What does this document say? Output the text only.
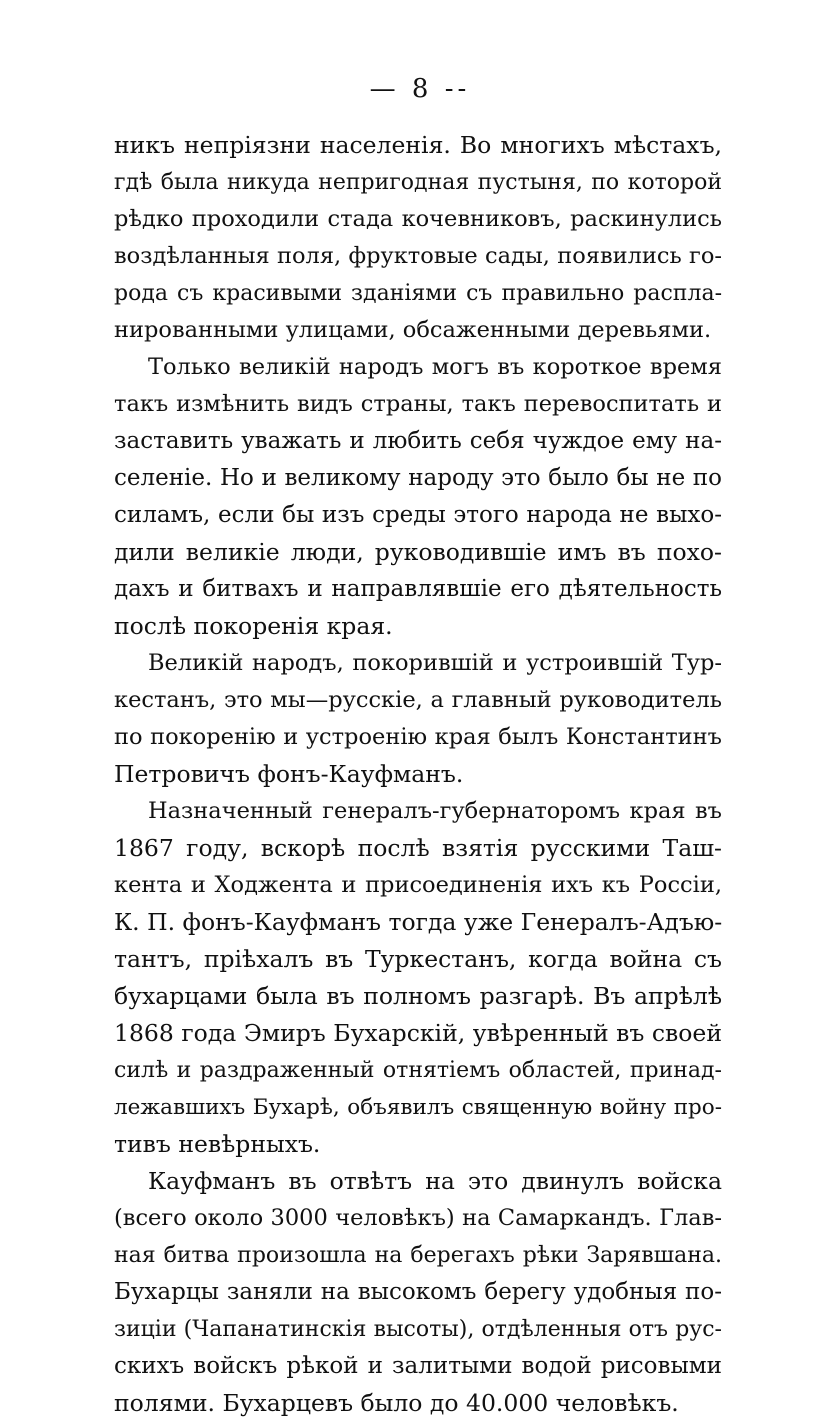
— 8 --
никъ непріязни населенія. Во многихъ мѣстахъ,
гдѣ была никуда непригодная пустыня, по которой
рѣдко проходили стада кочевниковъ, раскинулись
воздѣланныя поля, фруктовые сады, появились го-
рода съ красивыми зданіями съ правильно распла-
нированными улицами, обсаженными деревьями.
Только великій народъ могъ въ короткое время
такъ измѣнить видъ страны, такъ перевоспитать и
заставить уважать и любить себя чуждое ему на-
селеніе. Но и великому народу это было бы не по
силамъ, если бы изъ среды этого народа не выхо-
дили великіе люди, руководившіе имъ въ похо-
дахъ и битвахъ и направлявшіе его дѣятельность
послѣ покоренія края.
Великій народъ, покорившій и устроившій Тур-
кестанъ, это мы—русскіе, а главный руководитель
по покоренію и устроенію края былъ Константинъ
Петровичъ фонъ-Кауфманъ.
Назначенный генералъ-губернаторомъ края въ
1867 году, вскорѣ послѣ взятія русскими Таш-
кента и Ходжента и присоединенія ихъ къ Россіи,
К. П. фонъ-Кауфманъ тогда уже Генералъ-Адъю-
тантъ, пріѣхалъ въ Туркестанъ, когда война съ
бухарцами была въ полномъ разгарѣ. Въ апрѣлѣ
1868 года Эмиръ Бухарскій, увѣренный въ своей
силѣ и раздраженный отнятіемъ областей, принад-
лежавшихъ Бухарѣ, объявилъ священную войну про-
тивъ невѣрныхъ.
Кауфманъ въ отвѣтъ на это двинулъ войска
(всего около 3000 человѣкъ) на Самаркандъ. Глав-
ная битва произошла на берегахъ рѣки Зарявшана.
Бухарцы заняли на высокомъ берегу удобныя по-
зиціи (Чапанатинскія высоты), отдѣленныя отъ рус-
скихъ войскъ рѣкой и залитыми водой рисовыми
полями. Бухарцевъ было до 40.000 человѣкъ.
